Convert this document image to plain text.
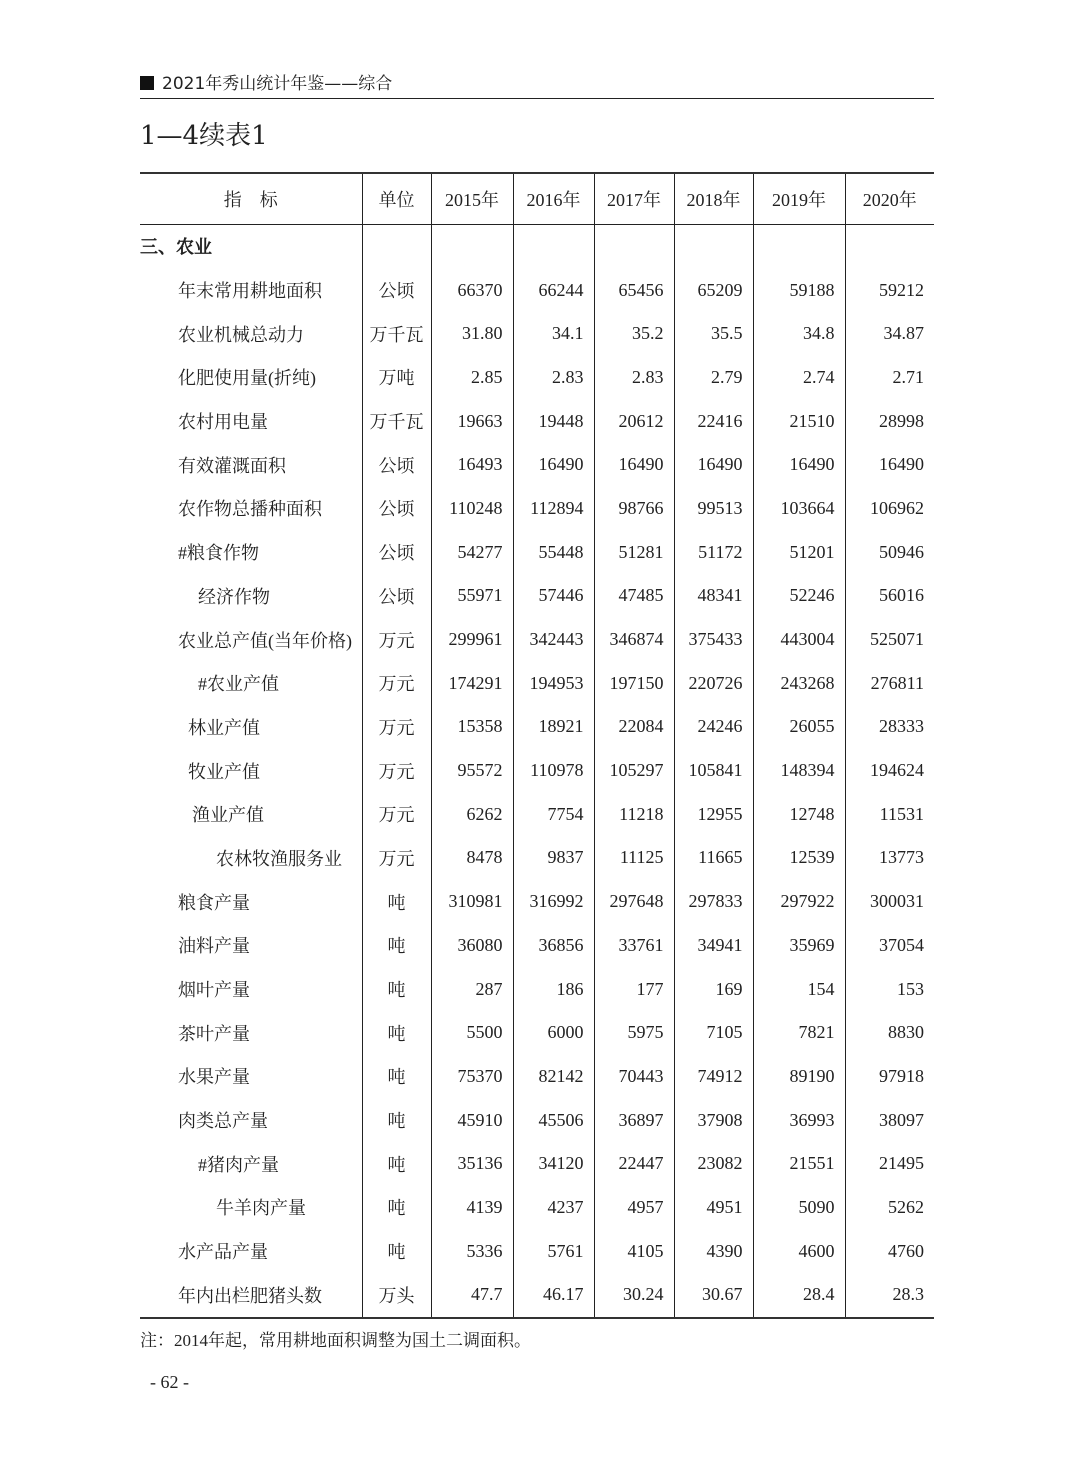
2021年秀山统计年鉴——综合
1—4续表1
指　标	单位	2015年	2016年	2017年	2018年	2019年	2020年
三、农业							
年末常用耕地面积	公顷	66370	66244	65456	65209	59188	59212
农业机械总动力	万千瓦	31.80	34.1	35.2	35.5	34.8	34.87
化肥使用量(折纯)	万吨	2.85	2.83	2.83	2.79	2.74	2.71
农村用电量	万千瓦	19663	19448	20612	22416	21510	28998
有效灌溉面积	公顷	16493	16490	16490	16490	16490	16490
农作物总播种面积	公顷	110248	112894	98766	99513	103664	106962
#粮食作物	公顷	54277	55448	51281	51172	51201	50946
经济作物	公顷	55971	57446	47485	48341	52246	56016
农业总产值(当年价格)	万元	299961	342443	346874	375433	443004	525071
#农业产值	万元	174291	194953	197150	220726	243268	276811
林业产值	万元	15358	18921	22084	24246	26055	28333
牧业产值	万元	95572	110978	105297	105841	148394	194624
渔业产值	万元	6262	7754	11218	12955	12748	11531
农林牧渔服务业	万元	8478	9837	11125	11665	12539	13773
粮食产量	吨	310981	316992	297648	297833	297922	300031
油料产量	吨	36080	36856	33761	34941	35969	37054
烟叶产量	吨	287	186	177	169	154	153
茶叶产量	吨	5500	6000	5975	7105	7821	8830
水果产量	吨	75370	82142	70443	74912	89190	97918
肉类总产量	吨	45910	45506	36897	37908	36993	38097
#猪肉产量	吨	35136	34120	22447	23082	21551	21495
牛羊肉产量	吨	4139	4237	4957	4951	5090	5262
水产品产量	吨	5336	5761	4105	4390	4600	4760
年内出栏肥猪头数	万头	47.7	46.17	30.24	30.67	28.4	28.3
注：2014年起，常用耕地面积调整为国土二调面积。
- 62 -
